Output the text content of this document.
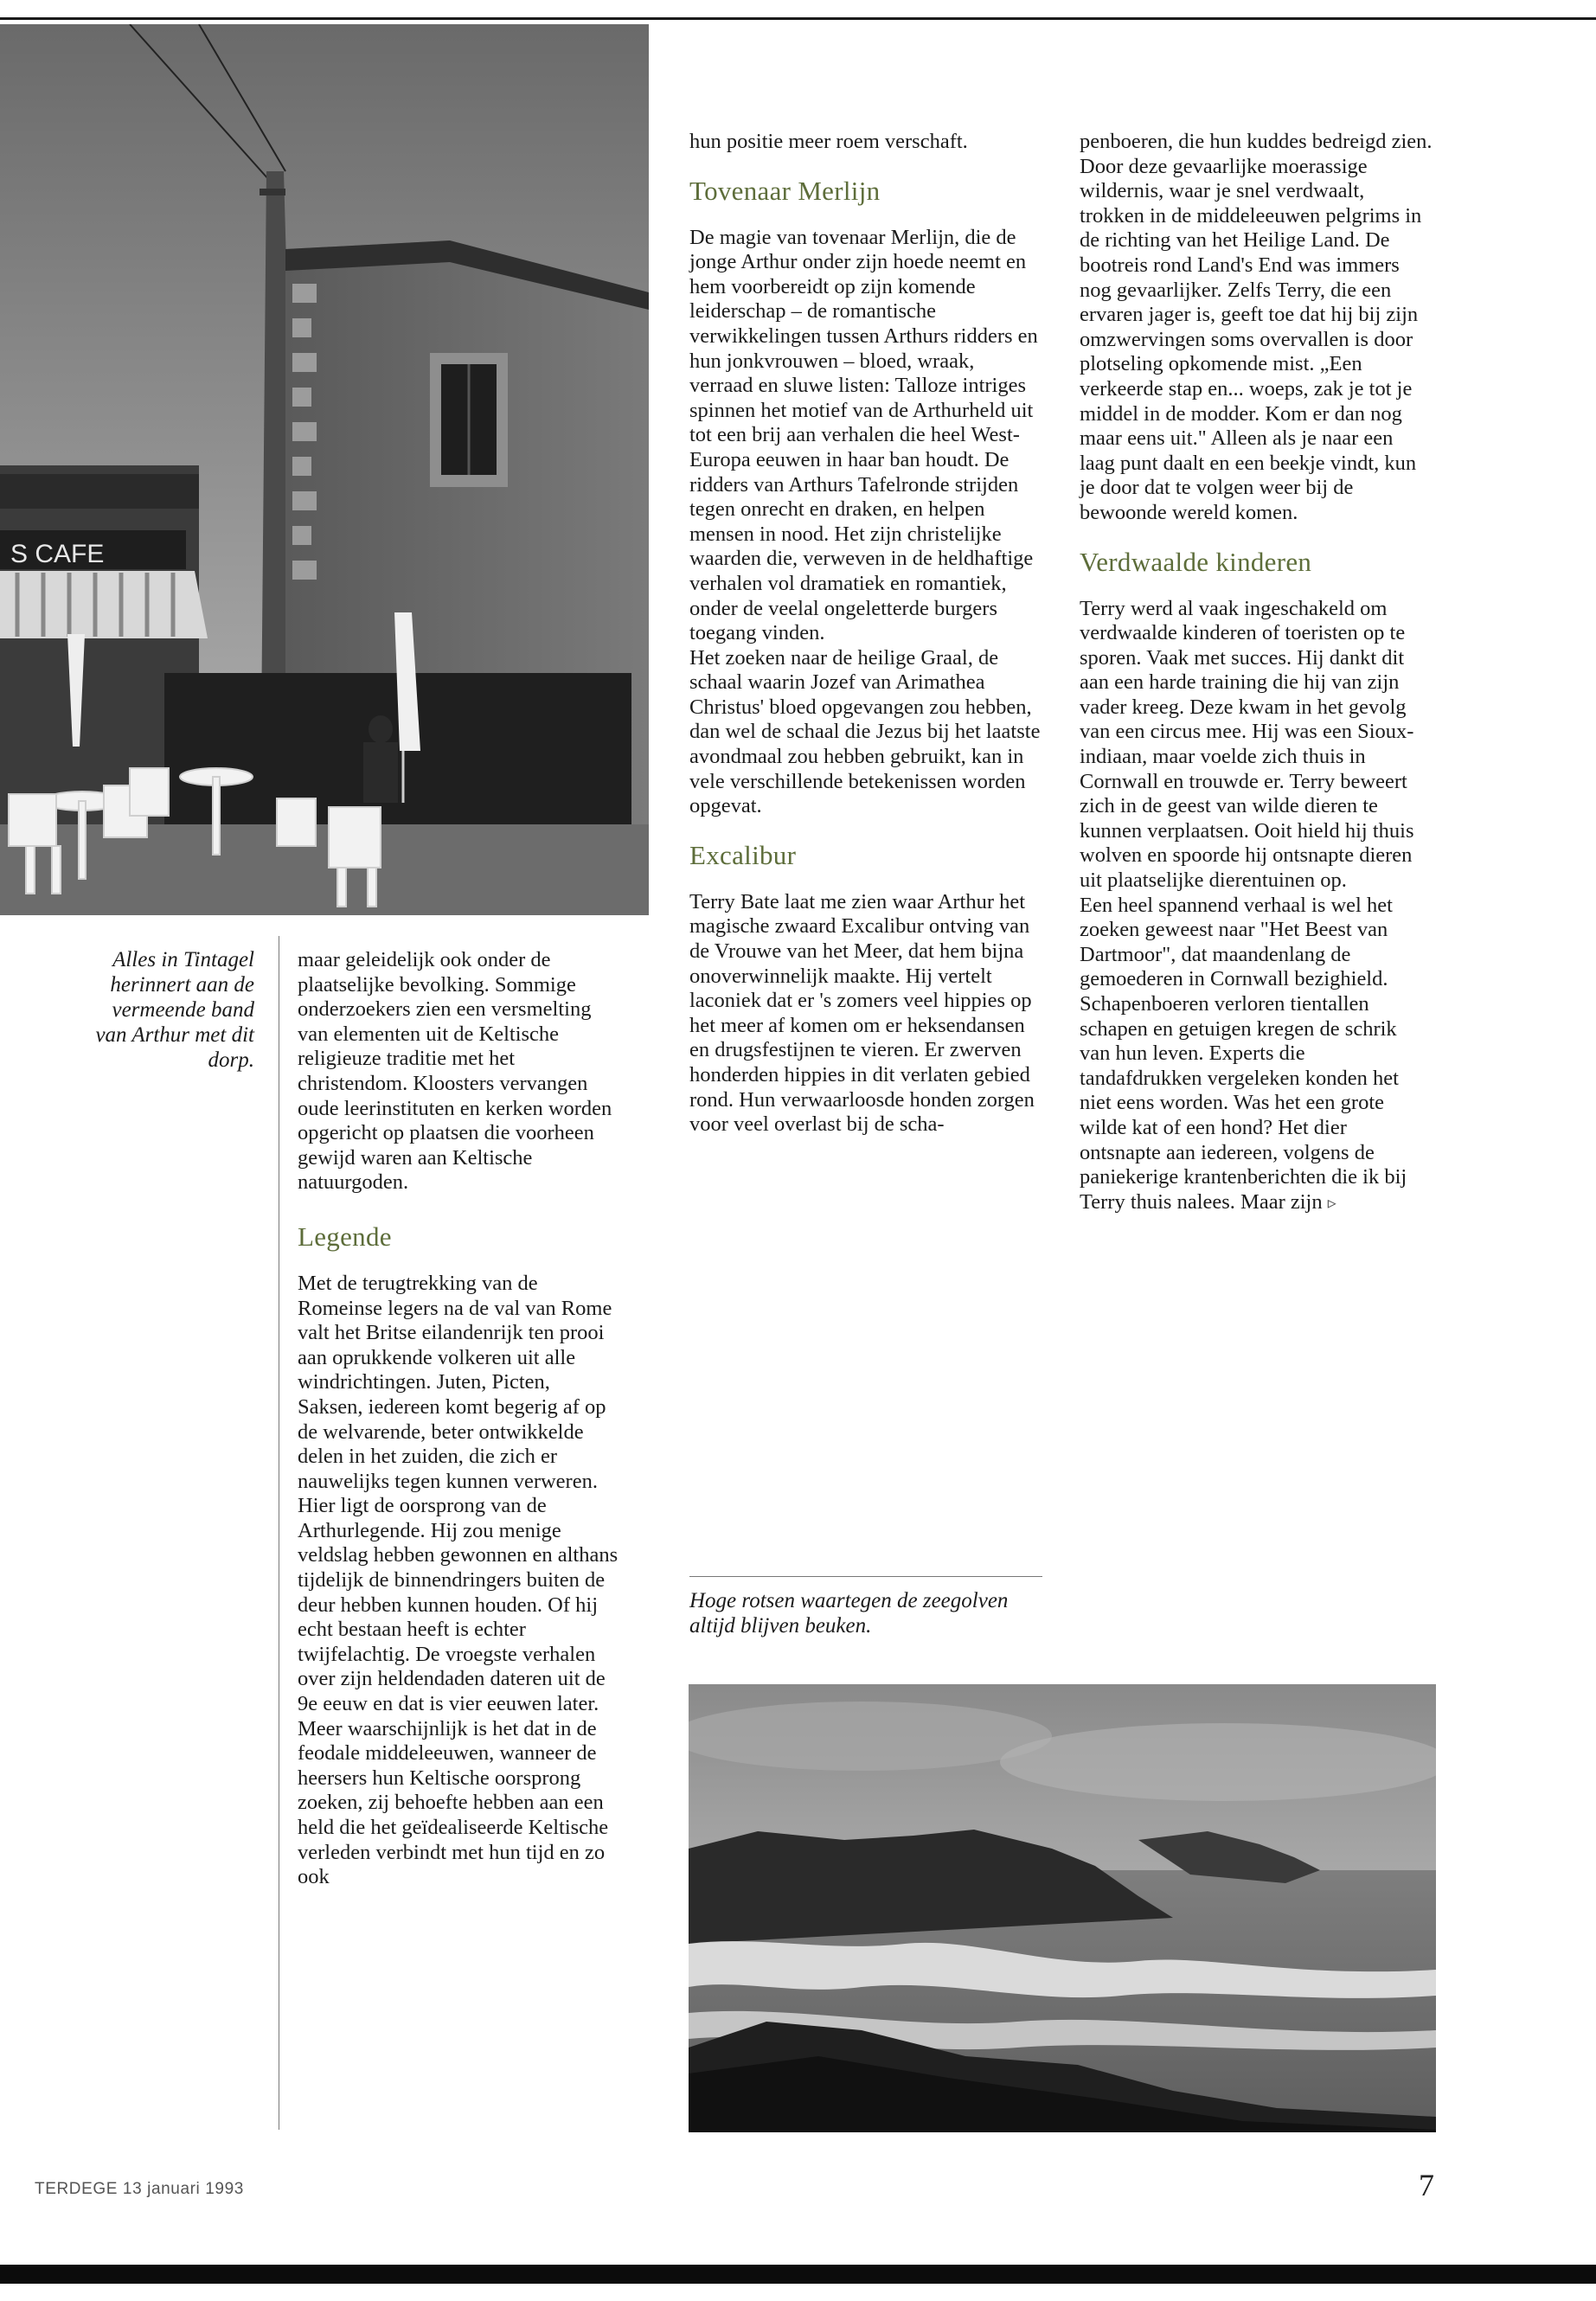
S CAFE
Alles in Tintagel herinnert aan de vermeende band van Arthur met dit dorp.

maar geleidelijk ook onder de plaatselijke bevolking. Sommige onderzoekers zien een versmelting van elementen uit de Keltische religieuze traditie met het christendom. Kloosters vervangen oude leerinstituten en kerken worden opgericht op plaatsen die voorheen gewijd waren aan Keltische natuurgoden.

Legende

Met de terugtrekking van de Romeinse legers na de val van Rome valt het Britse eilandenrijk ten prooi aan oprukkende volkeren uit alle windrichtingen. Juten, Picten, Saksen, iedereen komt begerig af op de welvarende, beter ontwikkelde delen in het zuiden, die zich er nauwelijks tegen kunnen verweren. Hier ligt de oorsprong van de Arthurlegende. Hij zou menige veldslag hebben gewonnen en althans tijdelijk de binnendringers buiten de deur hebben kunnen houden. Of hij echt bestaan heeft is echter twijfelachtig. De vroegste verhalen over zijn heldendaden dateren uit de 9e eeuw en dat is vier eeuwen later. Meer waarschijnlijk is het dat in de feodale middeleeuwen, wanneer de heersers hun Keltische oorsprong zoeken, zij behoefte hebben aan een held die het geïdealiseerde Keltische verleden verbindt met hun tijd en zo ook

hun positie meer roem verschaft.

Tovenaar Merlijn

De magie van tovenaar Merlijn, die de jonge Arthur onder zijn hoede neemt en hem voorbereidt op zijn komende leiderschap – de romantische verwikkelingen tussen Arthurs ridders en hun jonkvrouwen – bloed, wraak, verraad en sluwe listen: Talloze intriges spinnen het motief van de Arthurheld uit tot een brij aan verhalen die heel West-Europa eeuwen in haar ban houdt. De ridders van Arthurs Tafelronde strijden tegen onrecht en draken, en helpen mensen in nood. Het zijn christelijke waarden die, verweven in de heldhaftige verhalen vol dramatiek en romantiek, onder de veelal ongeletterde burgers toegang vinden.

Het zoeken naar de heilige Graal, de schaal waarin Jozef van Arimathea Christus' bloed opgevangen zou hebben, dan wel de schaal die Jezus bij het laatste avondmaal zou hebben gebruikt, kan in vele verschillende betekenissen worden opgevat.

Excalibur

Terry Bate laat me zien waar Arthur het magische zwaard Excalibur ontving van de Vrouwe van het Meer, dat hem bijna onoverwinnelijk maakte. Hij vertelt laconiek dat er 's zomers veel hippies op het meer af komen om er heksendansen en drugsfestijnen te vieren. Er zwerven honderden hippies in dit verlaten gebied rond. Hun verwaarloosde honden zorgen voor veel overlast bij de scha-

Hoge rotsen waartegen de zeegolven altijd blijven beuken.

penboeren, die hun kuddes bedreigd zien.

Door deze gevaarlijke moerassige wildernis, waar je snel verdwaalt, trokken in de middeleeuwen pelgrims in de richting van het Heilige Land. De bootreis rond Land's End was immers nog gevaarlijker. Zelfs Terry, die een ervaren jager is, geeft toe dat hij bij zijn omzwervingen soms overvallen is door plotseling opkomende mist. „Een verkeerde stap en... woeps, zak je tot je middel in de modder. Kom er dan nog maar eens uit." Alleen als je naar een laag punt daalt en een beekje vindt, kun je door dat te volgen weer bij de bewoonde wereld komen.

Verdwaalde kinderen

Terry werd al vaak ingeschakeld om verdwaalde kinderen of toeristen op te sporen. Vaak met succes. Hij dankt dit aan een harde training die hij van zijn vader kreeg. Deze kwam in het gevolg van een circus mee. Hij was een Sioux-indiaan, maar voelde zich thuis in Cornwall en trouwde er. Terry beweert zich in de geest van wilde dieren te kunnen verplaatsen. Ooit hield hij thuis wolven en spoorde hij ontsnapte dieren uit plaatselijke dierentuinen op.

Een heel spannend verhaal is wel het zoeken geweest naar "Het Beest van Dartmoor", dat maandenlang de gemoederen in Cornwall bezighield. Schapenboeren verloren tientallen schapen en getuigen kregen de schrik van hun leven. Experts die tandafdrukken vergeleken konden het niet eens worden. Was het een grote wilde kat of een hond? Het dier ontsnapte aan iedereen, volgens de paniekerige krantenberichten die ik bij Terry thuis nalees. Maar zijn ▹

TERDEGE 13 januari 1993	7
